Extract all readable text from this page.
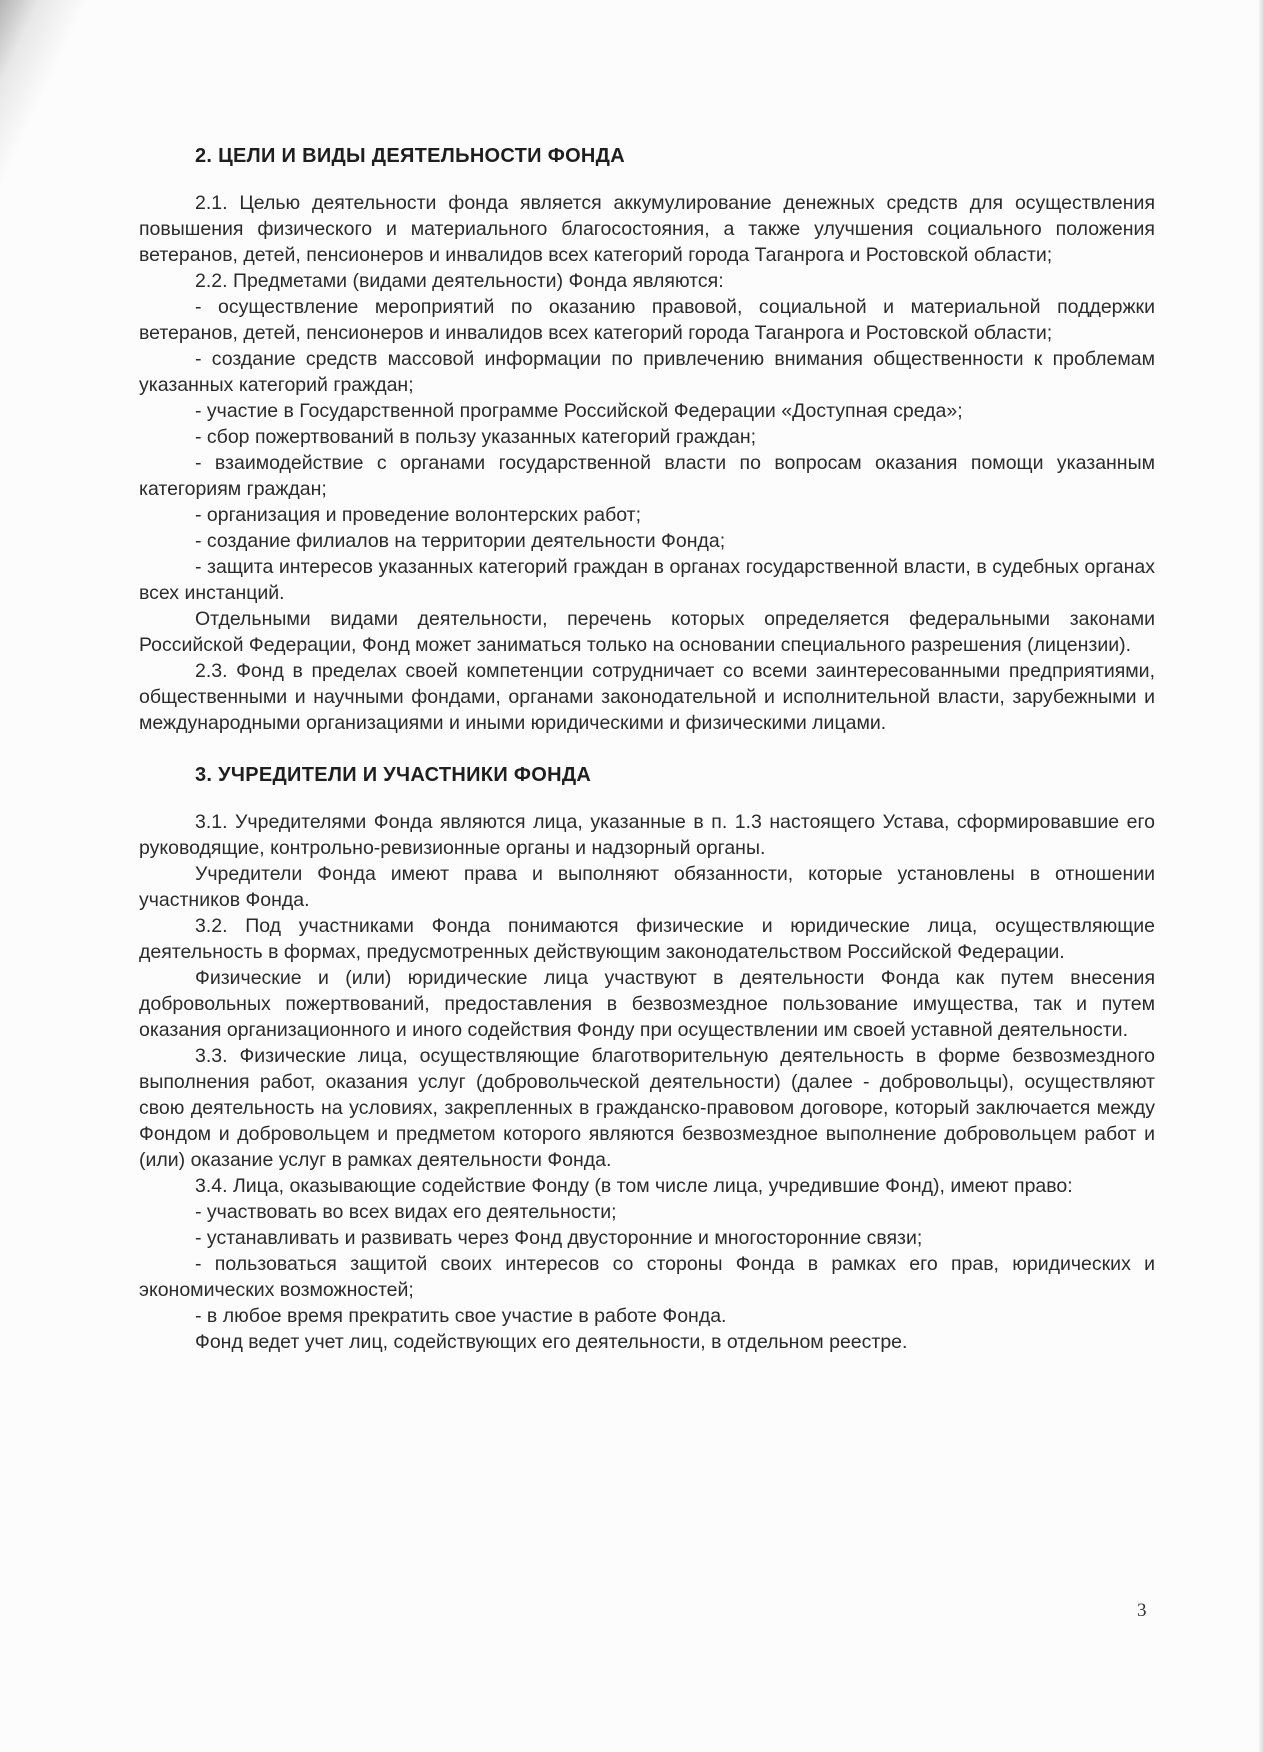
2. ЦЕЛИ И ВИДЫ ДЕЯТЕЛЬНОСТИ ФОНДА

2.1. Целью деятельности фонда является аккумулирование денежных средств для осуществления повышения физического и материального благосостояния, а также улучшения социального положения ветеранов, детей, пенсионеров и инвалидов всех категорий города Таганрога и Ростовской области;

2.2. Предметами (видами деятельности) Фонда являются:

- осуществление мероприятий по оказанию правовой, социальной и материальной поддержки ветеранов, детей, пенсионеров и инвалидов всех категорий города Таганрога и Ростовской области;

- создание средств массовой информации по привлечению внимания общественности к проблемам указанных категорий граждан;

- участие в Государственной программе Российской Федерации «Доступная среда»;

- сбор пожертвований в пользу указанных категорий граждан;

- взаимодействие с органами государственной власти по вопросам оказания помощи указанным категориям граждан;

- организация и проведение волонтерских работ;

- создание филиалов на территории деятельности Фонда;

- защита интересов указанных категорий граждан в органах государственной власти, в судебных органах всех инстанций.

Отдельными видами деятельности, перечень которых определяется федеральными законами Российской Федерации, Фонд может заниматься только на основании специального разрешения (лицензии).

2.3. Фонд в пределах своей компетенции сотрудничает со всеми заинтересованными предприятиями, общественными и научными фондами, органами законодательной и исполнительной власти, зарубежными и международными организациями и иными юридическими и физическими лицами.

3. УЧРЕДИТЕЛИ И УЧАСТНИКИ ФОНДА

3.1. Учредителями Фонда являются лица, указанные в п. 1.3 настоящего Устава, сформировавшие его руководящие, контрольно-ревизионные органы и надзорный органы.

Учредители Фонда имеют права и выполняют обязанности, которые установлены в отношении участников Фонда.

3.2. Под участниками Фонда понимаются физические и юридические лица, осуществляющие деятельность в формах, предусмотренных действующим законодательством Российской Федерации.

Физические и (или) юридические лица участвуют в деятельности Фонда как путем внесения добровольных пожертвований, предоставления в безвозмездное пользование имущества, так и путем оказания организационного и иного содействия Фонду при осуществлении им своей уставной деятельности.

3.3. Физические лица, осуществляющие благотворительную деятельность в форме безвозмездного выполнения работ, оказания услуг (добровольческой деятельности) (далее - добровольцы), осуществляют свою деятельность на условиях, закрепленных в гражданско-правовом договоре, который заключается между Фондом и добровольцем и предметом которого являются безвозмездное выполнение добровольцем работ и (или) оказание услуг в рамках деятельности Фонда.

3.4. Лица, оказывающие содействие Фонду (в том числе лица, учредившие Фонд), имеют право:

- участвовать во всех видах его деятельности;

- устанавливать и развивать через Фонд двусторонние и многосторонние связи;

- пользоваться защитой своих интересов со стороны Фонда в рамках его прав, юридических и экономических возможностей;

- в любое время прекратить свое участие в работе Фонда.

Фонд ведет учет лиц, содействующих его деятельности, в отдельном реестре.

3
